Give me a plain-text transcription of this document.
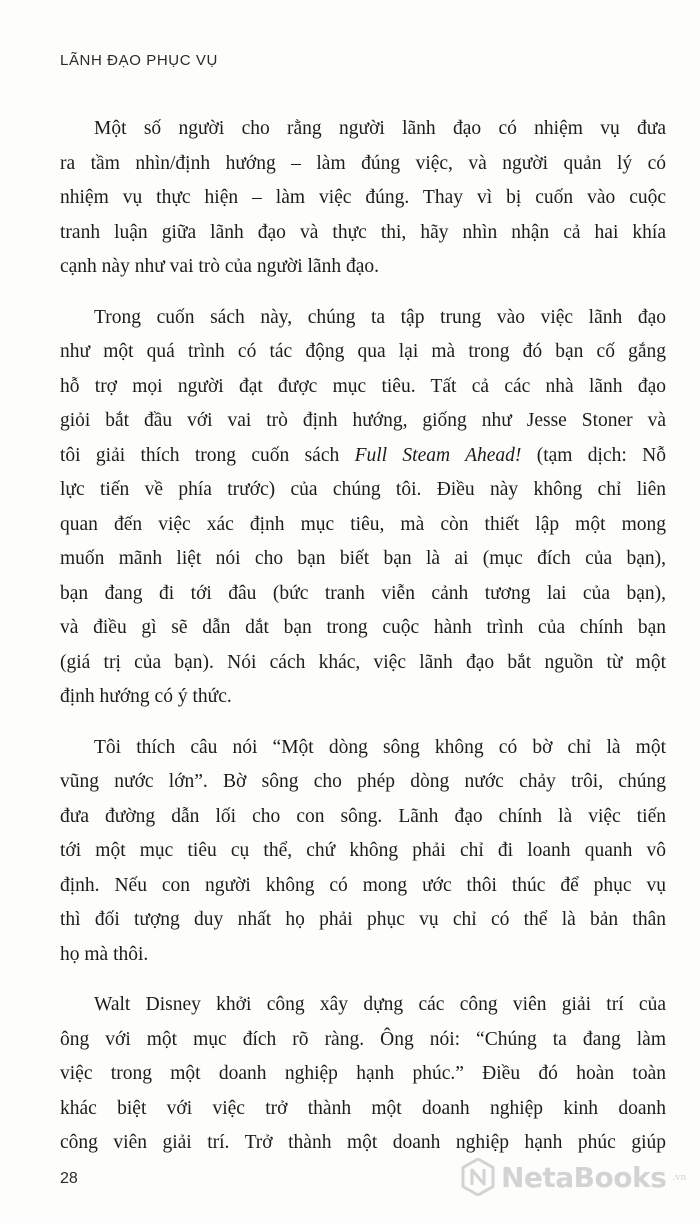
LÃNH ĐẠO PHỤC VỤ

Một số người cho rằng người lãnh đạo có nhiệm vụ đưa
ra tầm nhìn/định hướng – làm đúng việc, và người quản lý có
nhiệm vụ thực hiện – làm việc đúng. Thay vì bị cuốn vào cuộc
tranh luận giữa lãnh đạo và thực thi, hãy nhìn nhận cả hai khía
cạnh này như vai trò của người lãnh đạo.

Trong cuốn sách này, chúng ta tập trung vào việc lãnh đạo
như một quá trình có tác động qua lại mà trong đó bạn cố gắng
hỗ trợ mọi người đạt được mục tiêu. Tất cả các nhà lãnh đạo
giỏi bắt đầu với vai trò định hướng, giống như Jesse Stoner và
tôi giải thích trong cuốn sách Full Steam Ahead! (tạm dịch: Nỗ
lực tiến về phía trước) của chúng tôi. Điều này không chỉ liên
quan đến việc xác định mục tiêu, mà còn thiết lập một mong
muốn mãnh liệt nói cho bạn biết bạn là ai (mục đích của bạn),
bạn đang đi tới đâu (bức tranh viễn cảnh tương lai của bạn),
và điều gì sẽ dẫn dắt bạn trong cuộc hành trình của chính bạn
(giá trị của bạn). Nói cách khác, việc lãnh đạo bắt nguồn từ một
định hướng có ý thức.

Tôi thích câu nói “Một dòng sông không có bờ chỉ là một
vũng nước lớn”. Bờ sông cho phép dòng nước chảy trôi, chúng
đưa đường dẫn lối cho con sông. Lãnh đạo chính là việc tiến
tới một mục tiêu cụ thể, chứ không phải chỉ đi loanh quanh vô
định. Nếu con người không có mong ước thôi thúc để phục vụ
thì đối tượng duy nhất họ phải phục vụ chỉ có thể là bản thân
họ mà thôi.

Walt Disney khởi công xây dựng các công viên giải trí của
ông với một mục đích rõ ràng. Ông nói: “Chúng ta đang làm
việc trong một doanh nghiệp hạnh phúc.” Điều đó hoàn toàn
khác biệt với việc trở thành một doanh nghiệp kinh doanh
công viên giải trí. Trở thành một doanh nghiệp hạnh phúc giúp

28	NetaBooks .vn
